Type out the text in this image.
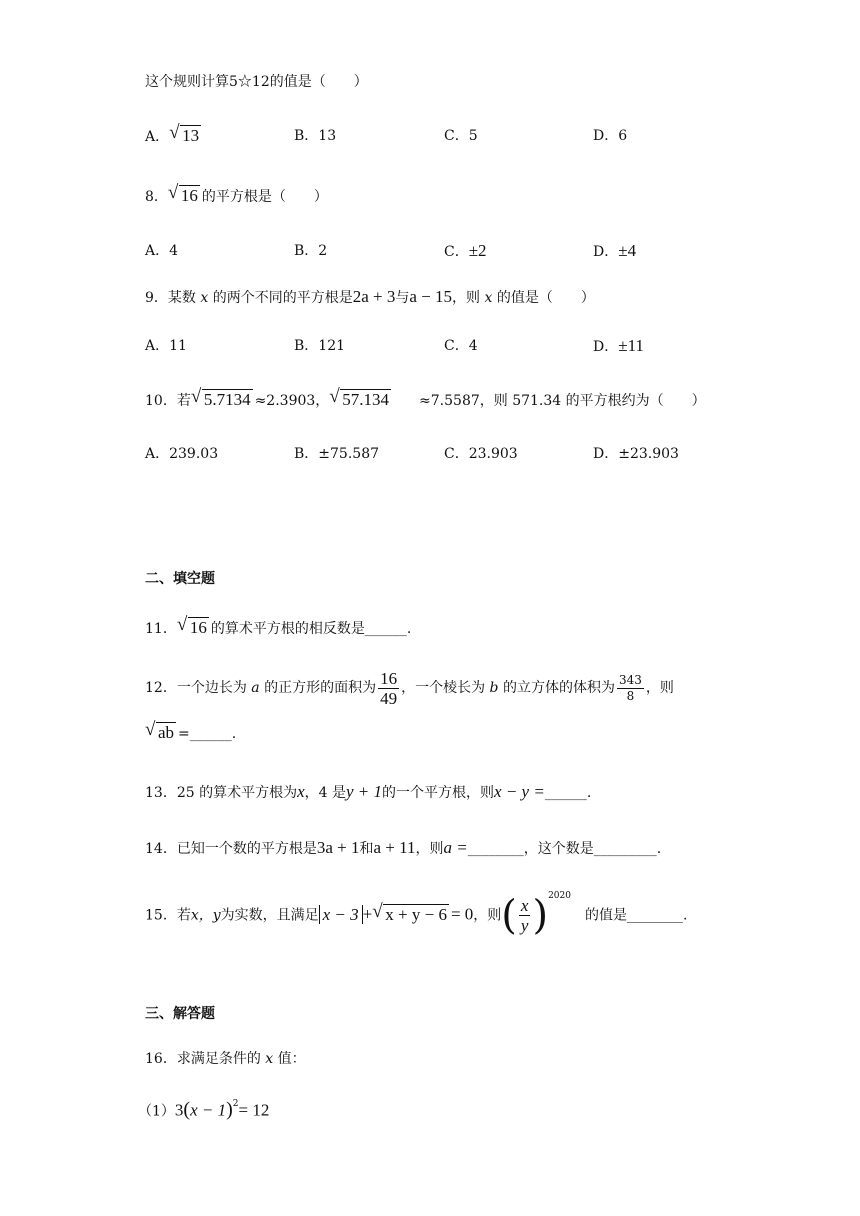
这个规则计算5☆12的值是（　　）
A． √ 13	B．13	C．5	D．6
8． √ 16 的平方根是（　　）
A．4	B．2	C．±2	D．±4
9．某数 x 的两个不同的平方根是2a + 3与a − 15，则 x 的值是（　　）
A．11	B．121	C．4	D．±11
10．若 √ 5.7134 ≈2.3903， √ 57.134 ≈7.5587，则 571.34 的平方根约为（　　）
A．239.03	B．±75.587	C．23.903	D．±23.903
二、填空题
11． √ 16 的算术平方根的相反数是______.
12．一个边长为 a 的正方形的面积为 $\frac{16}{49}$ ，一个棱长为 b 的立方体的体积为 $\frac{343}{8}$ ，则
√ ab =______.
13．25 的算术平方根为x，4 是y + 1的一个平方根，则x − y =______.
14．已知一个数的平方根是3a + 1和a + 11，则a =________，这个数是_________.
15．若x，y为实数，且满足 x − 3 + √ x + y − 6 = 0，则( $\frac{x}{y} )^{2020}$的值是________.
三、解答题
16．求满足条件的 x 值：
$(1)3(x - 1)^2= 12$
